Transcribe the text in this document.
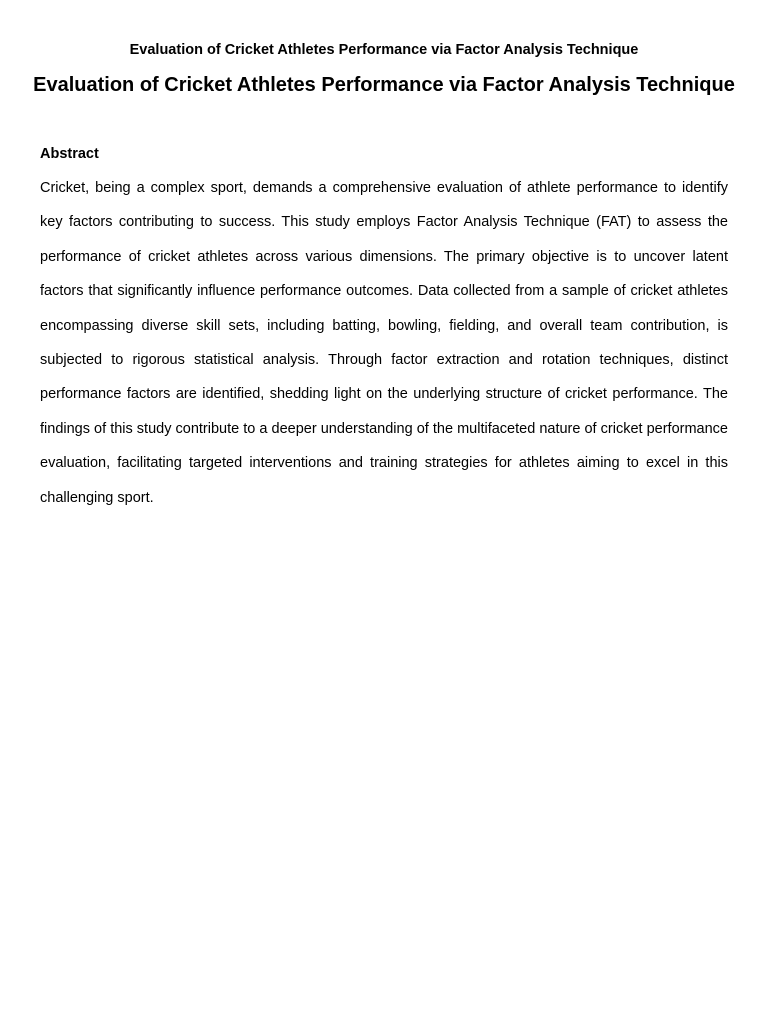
Evaluation of Cricket Athletes Performance via Factor Analysis Technique
Evaluation of Cricket Athletes Performance via Factor Analysis Technique
Abstract

Cricket, being a complex sport, demands a comprehensive evaluation of athlete performance to identify key factors contributing to success. This study employs Factor Analysis Technique (FAT) to assess the performance of cricket athletes across various dimensions. The primary objective is to uncover latent factors that significantly influence performance outcomes. Data collected from a sample of cricket athletes encompassing diverse skill sets, including batting, bowling, fielding, and overall team contribution, is subjected to rigorous statistical analysis. Through factor extraction and rotation techniques, distinct performance factors are identified, shedding light on the underlying structure of cricket performance. The findings of this study contribute to a deeper understanding of the multifaceted nature of cricket performance evaluation, facilitating targeted interventions and training strategies for athletes aiming to excel in this challenging sport.
